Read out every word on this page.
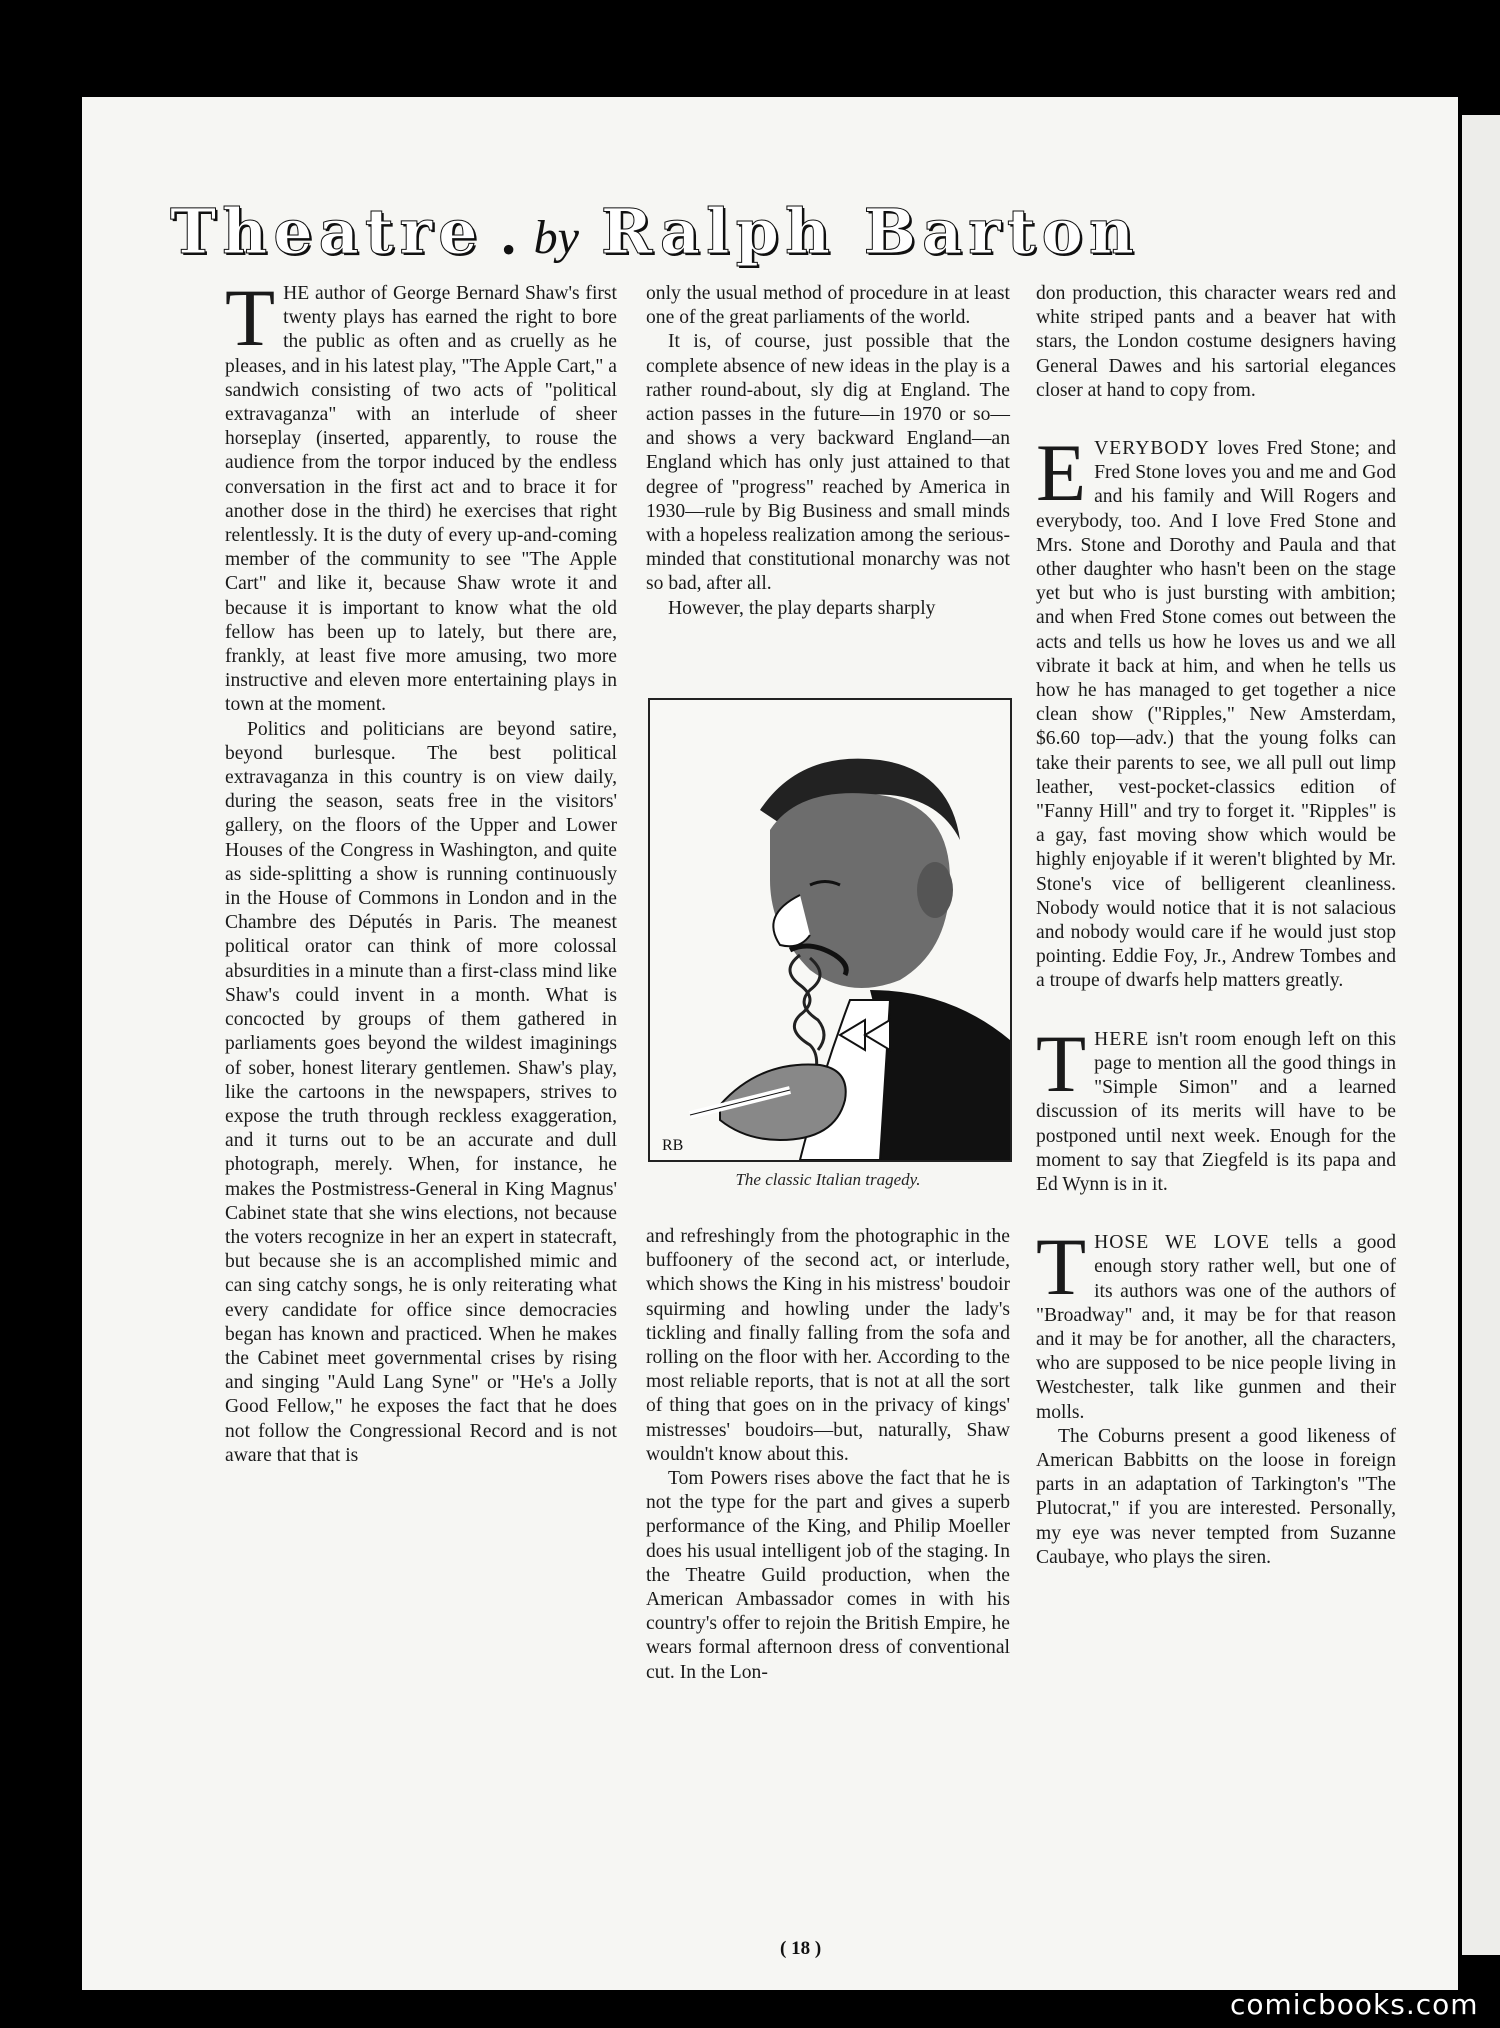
Theatre • by Ralph Barton

THE author of George Bernard Shaw's first twenty plays has earned the right to bore the public as often and as cruelly as he pleases, and in his latest play, "The Apple Cart," a sandwich consisting of two acts of "political extravaganza" with an interlude of sheer horseplay (inserted, apparently, to rouse the audience from the torpor induced by the endless conversation in the first act and to brace it for another dose in the third) he exercises that right relentlessly. It is the duty of every up-and-coming member of the community to see "The Apple Cart" and like it, because Shaw wrote it and because it is important to know what the old fellow has been up to lately, but there are, frankly, at least five more amusing, two more instructive and eleven more entertaining plays in town at the moment.

Politics and politicians are beyond satire, beyond burlesque. The best political extravaganza in this country is on view daily, during the season, seats free in the visitors' gallery, on the floors of the Upper and Lower Houses of the Congress in Washington, and quite as side-splitting a show is running continuously in the House of Commons in London and in the Chambre des Députés in Paris. The meanest political orator can think of more colossal absurdities in a minute than a first-class mind like Shaw's could invent in a month. What is concocted by groups of them gathered in parliaments goes beyond the wildest imaginings of sober, honest literary gentlemen. Shaw's play, like the cartoons in the newspapers, strives to expose the truth through reckless exaggeration, and it turns out to be an accurate and dull photograph, merely. When, for instance, he makes the Postmistress-General in King Magnus' Cabinet state that she wins elections, not because the voters recognize in her an expert in statecraft, but because she is an accomplished mimic and can sing catchy songs, he is only reiterating what every candidate for office since democracies began has known and practiced. When he makes the Cabinet meet governmental crises by rising and singing "Auld Lang Syne" or "He's a Jolly Good Fellow," he exposes the fact that he does not follow the Congressional Record and is not aware that that is

only the usual method of procedure in at least one of the great parliaments of the world.

It is, of course, just possible that the complete absence of new ideas in the play is a rather round-about, sly dig at England. The action passes in the future—in 1970 or so—and shows a very backward England—an England which has only just attained to that degree of "progress" reached by America in 1930—rule by Big Business and small minds with a hopeless realization among the serious-minded that constitutional monarchy was not so bad, after all.

However, the play departs sharply

RB
The classic Italian tragedy.

and refreshingly from the photographic in the buffoonery of the second act, or interlude, which shows the King in his mistress' boudoir squirming and howling under the lady's tickling and finally falling from the sofa and rolling on the floor with her. According to the most reliable reports, that is not at all the sort of thing that goes on in the privacy of kings' mistresses' boudoirs—but, naturally, Shaw wouldn't know about this.

Tom Powers rises above the fact that he is not the type for the part and gives a superb performance of the King, and Philip Moeller does his usual intelligent job of the staging. In the Theatre Guild production, when the American Ambassador comes in with his country's offer to rejoin the British Empire, he wears formal afternoon dress of conventional cut. In the Lon-

don production, this character wears red and white striped pants and a beaver hat with stars, the London costume designers having General Dawes and his sartorial elegances closer at hand to copy from.

EVERYBODY loves Fred Stone; and Fred Stone loves you and me and God and his family and Will Rogers and everybody, too. And I love Fred Stone and Mrs. Stone and Dorothy and Paula and that other daughter who hasn't been on the stage yet but who is just bursting with ambition; and when Fred Stone comes out between the acts and tells us how he loves us and we all vibrate it back at him, and when he tells us how he has managed to get together a nice clean show ("Ripples," New Amsterdam, $6.60 top—adv.) that the young folks can take their parents to see, we all pull out limp leather, vest-pocket-classics edition of "Fanny Hill" and try to forget it. "Ripples" is a gay, fast moving show which would be highly enjoyable if it weren't blighted by Mr. Stone's vice of belligerent cleanliness. Nobody would notice that it is not salacious and nobody would care if he would just stop pointing. Eddie Foy, Jr., Andrew Tombes and a troupe of dwarfs help matters greatly.

THERE isn't room enough left on this page to mention all the good things in "Simple Simon" and a learned discussion of its merits will have to be postponed until next week. Enough for the moment to say that Ziegfeld is its papa and Ed Wynn is in it.

THOSE WE LOVE tells a good enough story rather well, but one of its authors was one of the authors of "Broadway" and, it may be for that reason and it may be for another, all the characters, who are supposed to be nice people living in Westchester, talk like gunmen and their molls.

The Coburns present a good likeness of American Babbitts on the loose in foreign parts in an adaptation of Tarkington's "The Plutocrat," if you are interested. Personally, my eye was never tempted from Suzanne Caubaye, who plays the siren.

( 18 )
comicbooks.com
